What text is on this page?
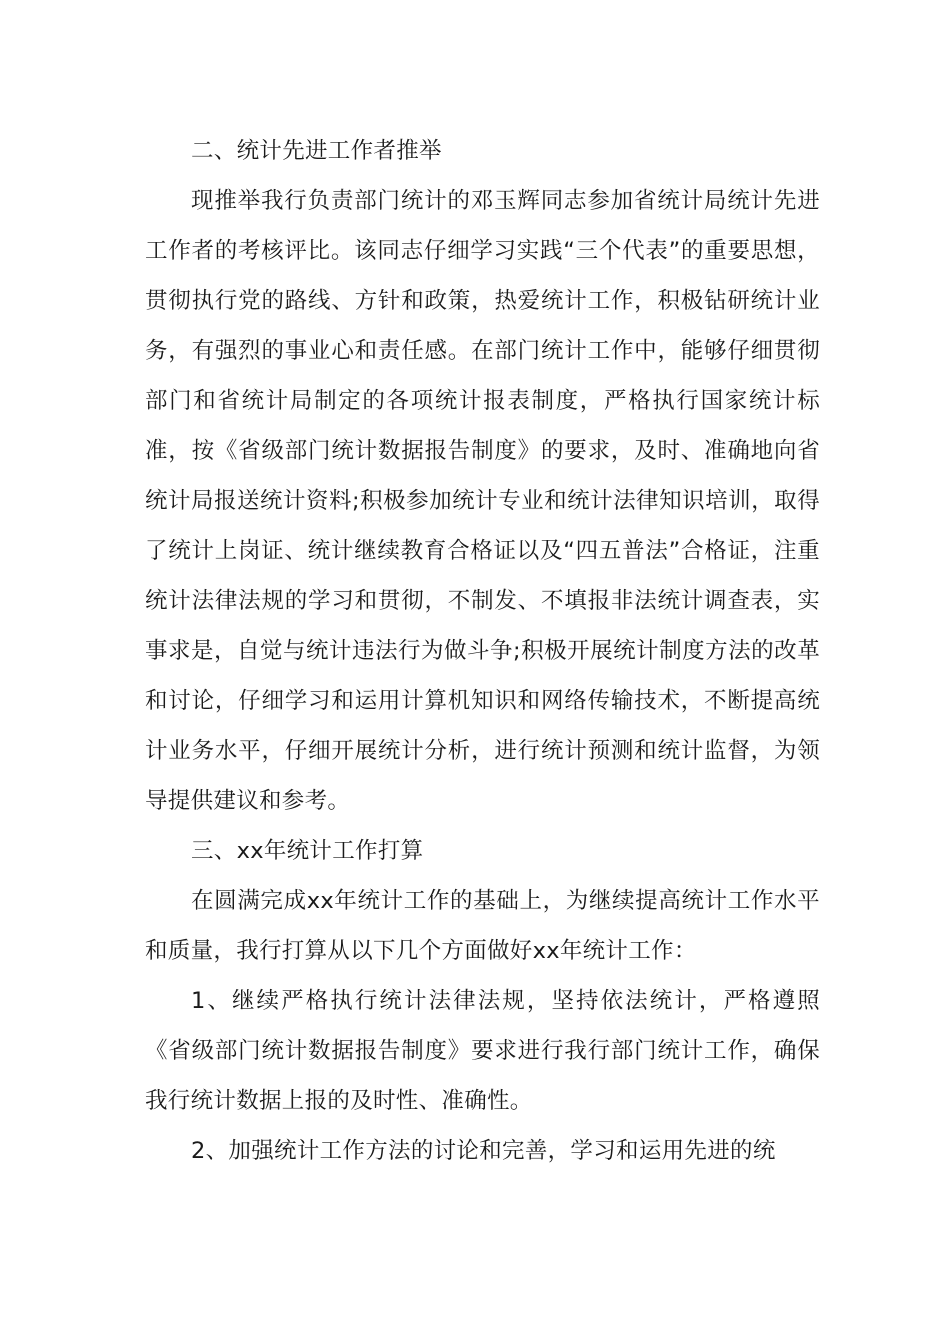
二、统计先进工作者推举

现推举我行负责部门统计的邓玉辉同志参加省统计局统计先进工作者的考核评比。该同志仔细学习实践“三个代表”的重要思想，贯彻执行党的路线、方针和政策，热爱统计工作，积极钻研统计业务，有强烈的事业心和责任感。在部门统计工作中，能够仔细贯彻部门和省统计局制定的各项统计报表制度，严格执行国家统计标准，按《省级部门统计数据报告制度》的要求，及时、准确地向省统计局报送统计资料;积极参加统计专业和统计法律知识培训，取得了统计上岗证、统计继续教育合格证以及“四五普法”合格证，注重统计法律法规的学习和贯彻，不制发、不填报非法统计调查表，实事求是，自觉与统计违法行为做斗争;积极开展统计制度方法的改革和讨论，仔细学习和运用计算机知识和网络传输技术，不断提高统计业务水平，仔细开展统计分析，进行统计预测和统计监督，为领导提供建议和参考。

三、xx年统计工作打算

在圆满完成xx年统计工作的基础上，为继续提高统计工作水平和质量，我行打算从以下几个方面做好xx年统计工作：

1、继续严格执行统计法律法规，坚持依法统计，严格遵照《省级部门统计数据报告制度》要求进行我行部门统计工作，确保我行统计数据上报的及时性、准确性。

2、加强统计工作方法的讨论和完善，学习和运用先进的统
